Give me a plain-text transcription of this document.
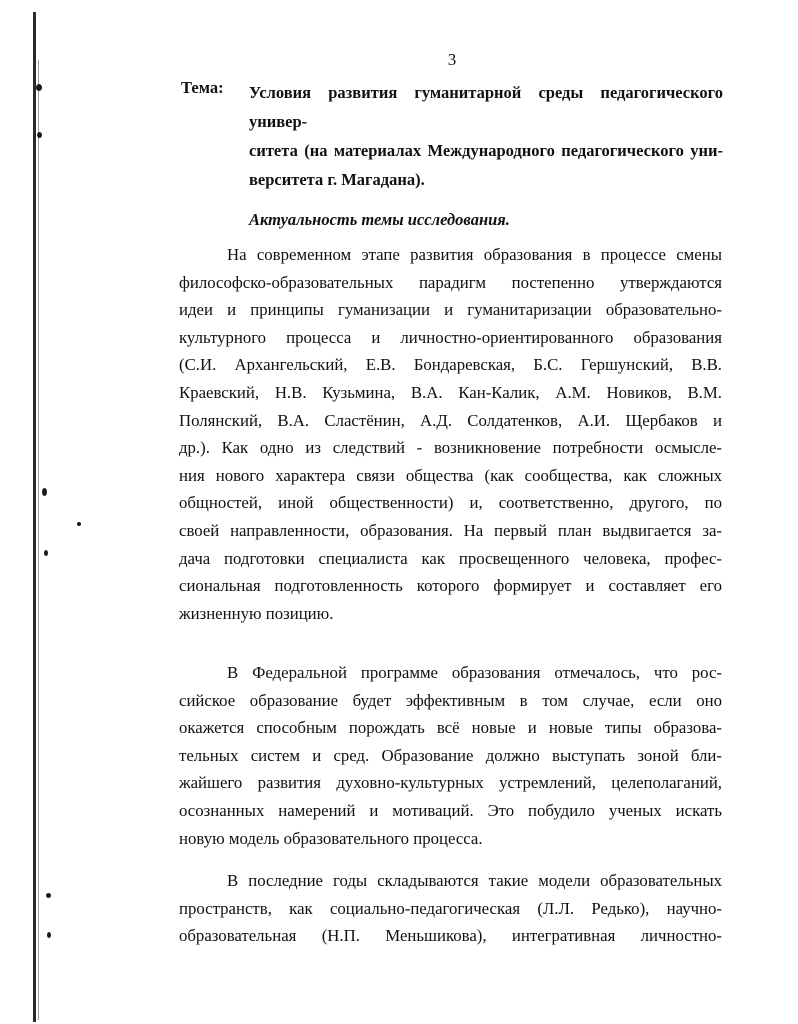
3
Тема: Условия развития гуманитарной среды педагогического универ-
ситета (на материалах Международного педагогического уни-
верситета г. Магадана).
Актуальность темы исследования.
На современном этапе развития образования в процессе смены
философско-образовательных парадигм постепенно утверждаются
идеи и принципы гуманизации и гуманитаризации образовательно-
культурного процесса и личностно-ориентированного образования
(С.И. Архангельский, Е.В. Бондаревская, Б.С. Гершунский, В.В.
Краевский, Н.В. Кузьмина, В.А. Кан-Калик, А.М. Новиков, В.М.
Полянский, В.А. Сластёнин, А.Д. Солдатенков, А.И. Щербаков и
др.). Как одно из следствий - возникновение потребности осмысле-
ния нового характера связи общества (как сообщества, как сложных
общностей, иной общественности) и, соответственно, другого, по
своей направленности, образования. На первый план выдвигается за-
дача подготовки специалиста как просвещенного человека, профес-
сиональная подготовленность которого формирует и составляет его
жизненную позицию.
В Федеральной программе образования отмечалось, что рос-
сийское образование будет эффективным в том случае, если оно
окажется способным порождать всё новые и новые типы образова-
тельных систем и сред. Образование должно выступать зоной бли-
жайшего развития духовно-культурных устремлений, целеполаганий,
осознанных намерений и мотиваций. Это побудило ученых искать
новую модель образовательного процесса.
В последние годы складываются такие модели образовательных
пространств, как социально-педагогическая (Л.Л. Редько), научно-
образовательная (Н.П. Меньшикова), интегративная личностно-
